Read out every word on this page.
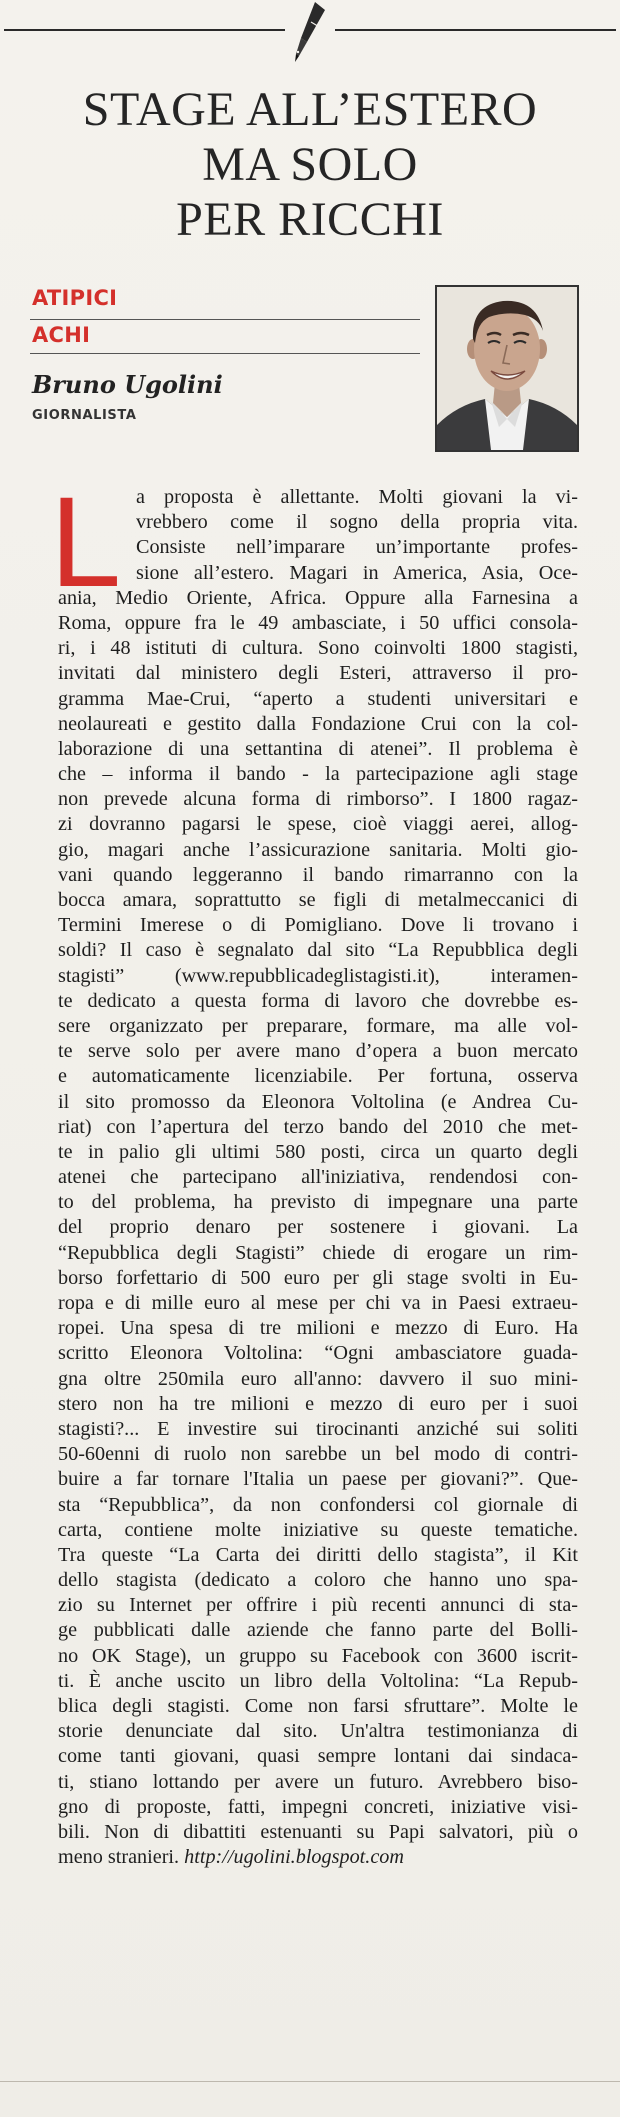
STAGE ALL’ESTERO
MA SOLO
PER RICCHI
ATIPICI
ACHI
Bruno Ugolini
GIORNALISTA
L a proposta è allettante. Molti giovani la vi-
vrebbero come il sogno della propria vita.
Consiste nell’imparare un’importante profes-
sione all’estero. Magari in America, Asia, Oce-
ania, Medio Oriente, Africa. Oppure alla Farnesina a
Roma, oppure fra le 49 ambasciate, i 50 uffici consola-
ri, i 48 istituti di cultura. Sono coinvolti 1800 stagisti,
invitati dal ministero degli Esteri, attraverso il pro-
gramma Mae-Crui, “aperto a studenti universitari e
neolaureati e gestito dalla Fondazione Crui con la col-
laborazione di una settantina di atenei”. Il problema è
che – informa il bando - la partecipazione agli stage
non prevede alcuna forma di rimborso”. I 1800 ragaz-
zi dovranno pagarsi le spese, cioè viaggi aerei, allog-
gio, magari anche l’assicurazione sanitaria. Molti gio-
vani quando leggeranno il bando rimarranno con la
bocca amara, soprattutto se figli di metalmeccanici di
Termini Imerese o di Pomigliano. Dove li trovano i
soldi? Il caso è segnalato dal sito “La Repubblica degli
stagisti” (www.repubblicadeglistagisti.it), interamen-
te dedicato a questa forma di lavoro che dovrebbe es-
sere organizzato per preparare, formare, ma alle vol-
te serve solo per avere mano d’opera a buon mercato
e automaticamente licenziabile. Per fortuna, osserva
il sito promosso da Eleonora Voltolina (e Andrea Cu-
riat) con l’apertura del terzo bando del 2010 che met-
te in palio gli ultimi 580 posti, circa un quarto degli
atenei che partecipano all'iniziativa, rendendosi con-
to del problema, ha previsto di impegnare una parte
del proprio denaro per sostenere i giovani. La
“Repubblica degli Stagisti” chiede di erogare un rim-
borso forfettario di 500 euro per gli stage svolti in Eu-
ropa e di mille euro al mese per chi va in Paesi extraeu-
ropei. Una spesa di tre milioni e mezzo di Euro. Ha
scritto Eleonora Voltolina: “Ogni ambasciatore guada-
gna oltre 250mila euro all'anno: davvero il suo mini-
stero non ha tre milioni e mezzo di euro per i suoi
stagisti?... E investire sui tirocinanti anziché sui soliti
50-60enni di ruolo non sarebbe un bel modo di contri-
buire a far tornare l'Italia un paese per giovani?”. Que-
sta “Repubblica”, da non confondersi col giornale di
carta, contiene molte iniziative su queste tematiche.
Tra queste “La Carta dei diritti dello stagista”, il Kit
dello stagista (dedicato a coloro che hanno uno spa-
zio su Internet per offrire i più recenti annunci di sta-
ge pubblicati dalle aziende che fanno parte del Bolli-
no OK Stage), un gruppo su Facebook con 3600 iscrit-
ti. È anche uscito un libro della Voltolina: “La Repub-
blica degli stagisti. Come non farsi sfruttare”. Molte le
storie denunciate dal sito. Un'altra testimonianza di
come tanti giovani, quasi sempre lontani dai sindaca-
ti, stiano lottando per avere un futuro. Avrebbero biso-
gno di proposte, fatti, impegni concreti, iniziative visi-
bili. Non di dibattiti estenuanti su Papi salvatori, più o
meno stranieri. http://ugolini.blogspot.com
